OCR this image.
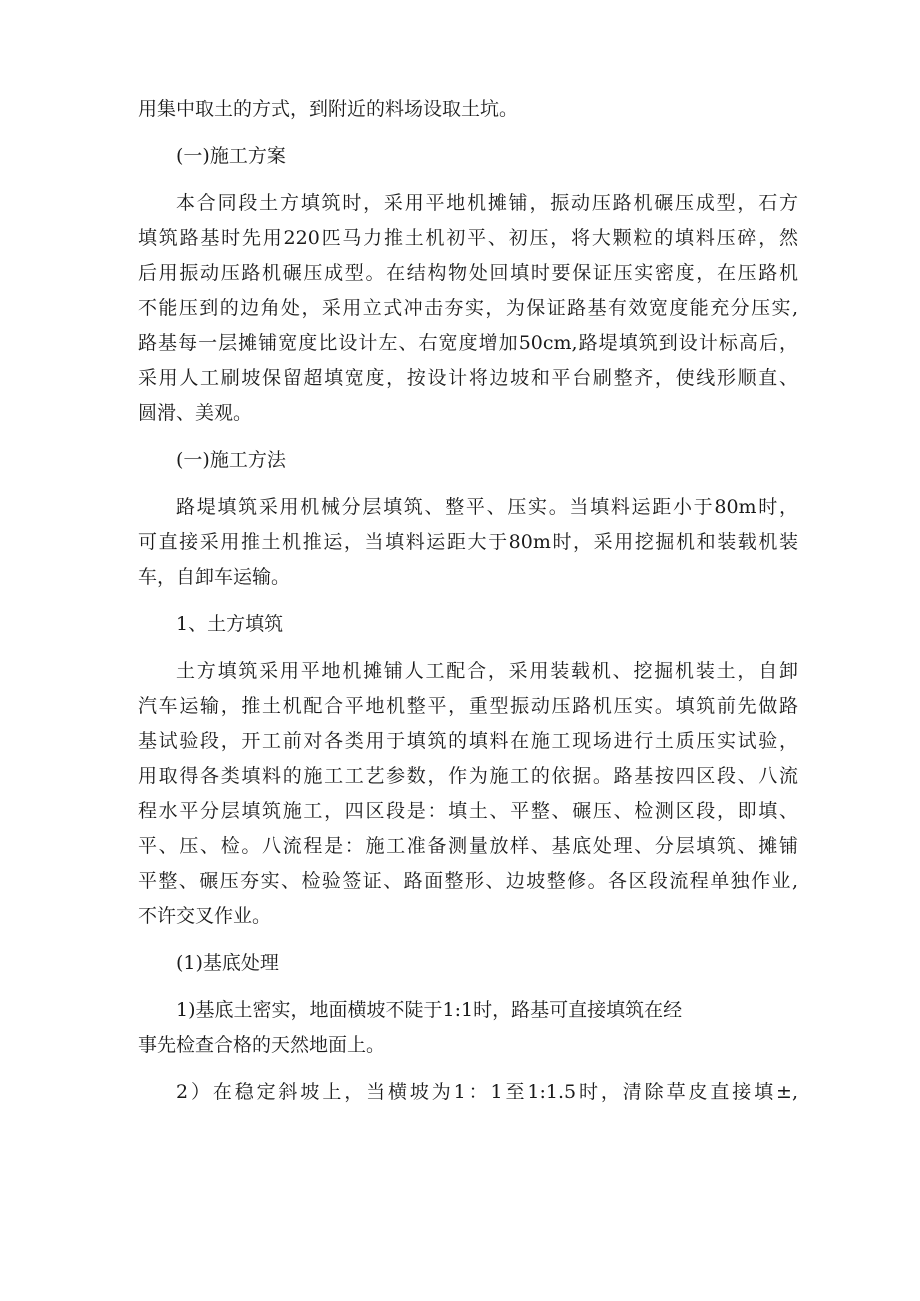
用集中取土的方式，到附近的料场设取土坑。
(一)施工方案
本合同段土方填筑时，采用平地机摊铺，振动压路机碾压成型，石方
填筑路基时先用220匹马力推土机初平、初压，将大颗粒的填料压碎，然
后用振动压路机碾压成型。在结构物处回填时要保证压实密度，在压路机
不能压到的边角处，采用立式冲击夯实，为保证路基有效宽度能充分压实,
路基每一层摊铺宽度比设计左、右宽度增加50cm,路堤填筑到设计标高后，
采用人工刷坡保留超填宽度，按设计将边坡和平台刷整齐，使线形顺直、
圆滑、美观。
(一)施工方法
路堤填筑采用机械分层填筑、整平、压实。当填料运距小于80m时，
可直接采用推土机推运，当填料运距大于80m时，采用挖掘机和装载机装
车，自卸车运输。
1、土方填筑
土方填筑采用平地机摊铺人工配合，采用装载机、挖掘机装土，自卸
汽车运输，推土机配合平地机整平，重型振动压路机压实。填筑前先做路
基试验段，开工前对各类用于填筑的填料在施工现场进行土质压实试验，
用取得各类填料的施工工艺参数，作为施工的依据。路基按四区段、八流
程水平分层填筑施工，四区段是：填土、平整、碾压、检测区段，即填、
平、压、检。八流程是：施工准备测量放样、基底处理、分层填筑、摊铺
平整、碾压夯实、检验签证、路面整形、边坡整修。各区段流程单独作业,
不许交叉作业。
(1)基底处理
1)基底土密实，地面横坡不陡于1:1时，路基可直接填筑在经
事先检查合格的天然地面上。
2）在稳定斜坡上，当横坡为1：1至1:1.5时，清除草皮直接填±,
